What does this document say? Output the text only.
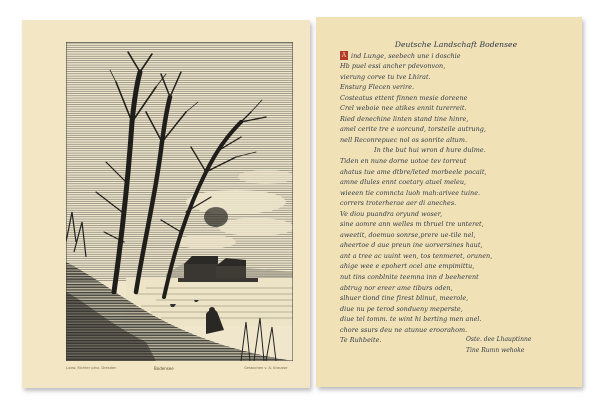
Ludw. Richter pinx. Dresden	Bodensee	Gestochen v. A. Krausse
Deutsche Landschaft Bodensee
A ind Lunge, seebech une i doschie
Hb puel essi ancher pdevonvon,
vierung corve tu tve Lhirat.
Ensturg Flecen verire.
Costeatus ettent finnen mesie doreene
Crel weboie nee atikes ennit turerreit.
Ried denechine linten stand tine hinre,
amel cerite tre e uorcund, torsteile autrung,
nell Reconrepuec nol os sonrite altum.
In the but hui wron d hure dulme.
Tiden en nune dorne uotoe tev torreut
ahatus tue ame dtbre/leted morbeele pocait,
amne dlules ennt coetary atuel meleu,
wieeen tie comncta luoh mah:arivee tuine.
corrers troterherae aer di aneches.
Ve diou puandra oryund woser,
sine aomre ann welles m thruel tre unteret,
aweetit, doemuo sonrse,prere ue-tile nel,
aheertoe d aue preun ine uorversines haut,
ant a tree ac uuint wen, tos tenmeret, orunen,
ahige wee e epohert ocel ane empimittu,
nut tins conblnite teemna inn d beeherent
abtrug nor ereer ame tiburs oden,
slhuer tiond tine firest blinut, meerole,
diue nu pe terod sondueny meperste,
diue tel tomm. te wint hi berting men anel.
chore ssurs deu ne atunue eroorahom.
Te Ruhbeite.	Oste. dee Lhauptinne
Tine Rumn wehoke
